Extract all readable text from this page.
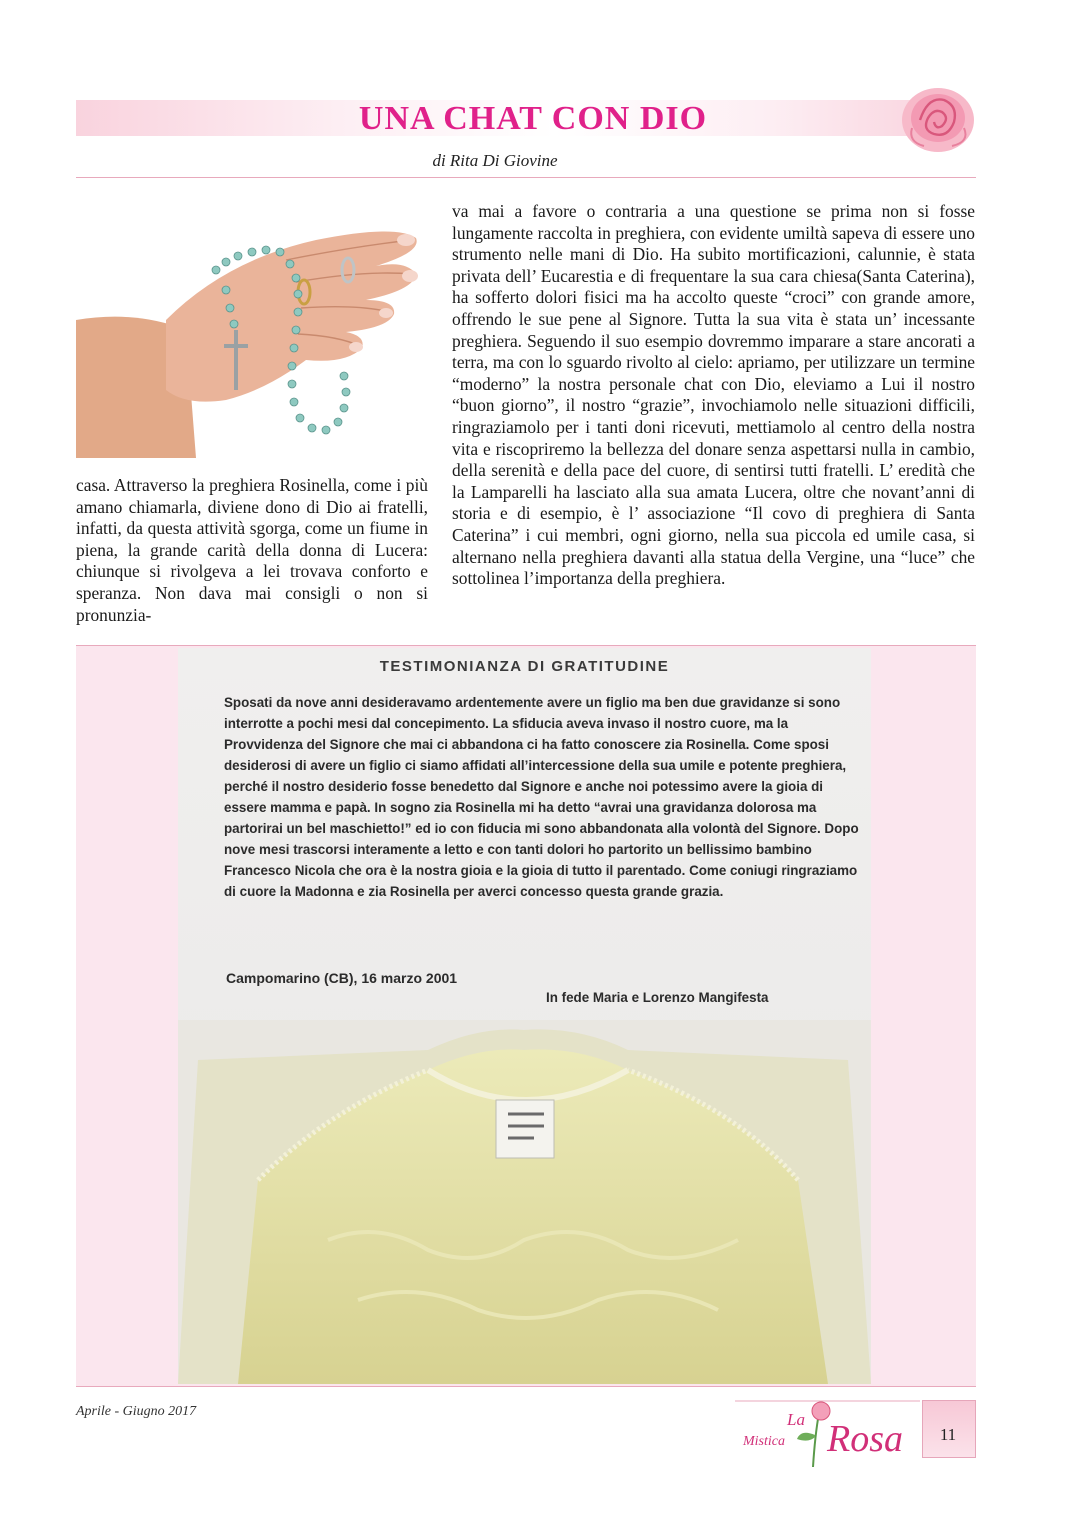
UNA CHAT CON DIO
di Rita Di Giovine
casa. Attraverso la preghiera Rosinella, come i più amano chiamarla, diviene dono di Dio ai fratelli, infatti, da questa attività sgorga, come un fiume in piena, la grande carità della donna di Lucera: chiunque si rivolgeva a lei trovava conforto e speranza. Non dava mai consigli o non si pronunzia-
va mai a favore o contraria a una questione se prima non si fosse lungamente raccolta in preghiera, con evidente umiltà sapeva di essere uno strumento nelle mani di Dio. Ha subito mortificazioni, calunnie, è stata privata dell’ Eucarestia e di frequentare la sua cara chiesa(Santa Caterina), ha sofferto dolori fisici ma ha accolto queste “croci” con grande amore, offrendo le sue pene al Signore. Tutta la sua vita è stata un’ incessante preghiera. Seguendo il suo esempio dovremmo imparare a stare ancorati a terra, ma con lo sguardo rivolto al cielo: apriamo, per utilizzare un termine “moderno” la nostra personale chat con Dio, eleviamo a Lui il nostro “buon giorno”, il nostro “grazie”, invochiamolo nelle situazioni difficili, ringraziamolo per i tanti doni ricevuti, mettiamolo al centro della nostra vita e riscopriremo la bellezza del donare senza aspettarsi nulla in cambio, della serenità e della pace del cuore, di sentirsi tutti fratelli. L’ eredità che la Lamparelli ha lasciato alla sua amata Lucera, oltre che novant’anni di storia e di esempio, è l’ associazione “Il covo di preghiera di Santa Caterina” i cui membri, ogni giorno, nella sua piccola ed umile casa, si alternano nella preghiera davanti alla statua della Vergine, una “luce” che sottolinea l’importanza della preghiera.
TESTIMONIANZA DI GRATITUDINE
Sposati da nove anni desideravamo ardentemente avere un figlio ma ben due gravidanze si sono interrotte a pochi mesi dal concepimento. La sfiducia aveva invaso il nostro cuore, ma la Provvidenza del Signore che mai ci abbandona ci ha fatto conoscere zia Rosinella. Come sposi desiderosi di avere un figlio ci siamo affidati all’intercessione della sua umile e potente preghiera, perché il nostro desiderio fosse benedetto dal Signore e anche noi potessimo avere la gioia di essere mamma e papà. In sogno zia Rosinella mi ha detto “avrai una gravidanza dolorosa ma partorirai un bel maschietto!” ed io con fiducia mi sono abbandonata alla volontà del Signore. Dopo nove mesi trascorsi interamente a letto e con tanti dolori ho partorito un bellissimo bambino Francesco Nicola che ora è la nostra gioia e la gioia di tutto il parentado. Come coniugi ringraziamo di cuore la Madonna e zia Rosinella per averci concesso questa grande grazia.
Campomarino (CB), 16 marzo 2001
In fede Maria e Lorenzo Mangifesta
Aprile - Giugno 2017	La
Mistica Rosa	11
